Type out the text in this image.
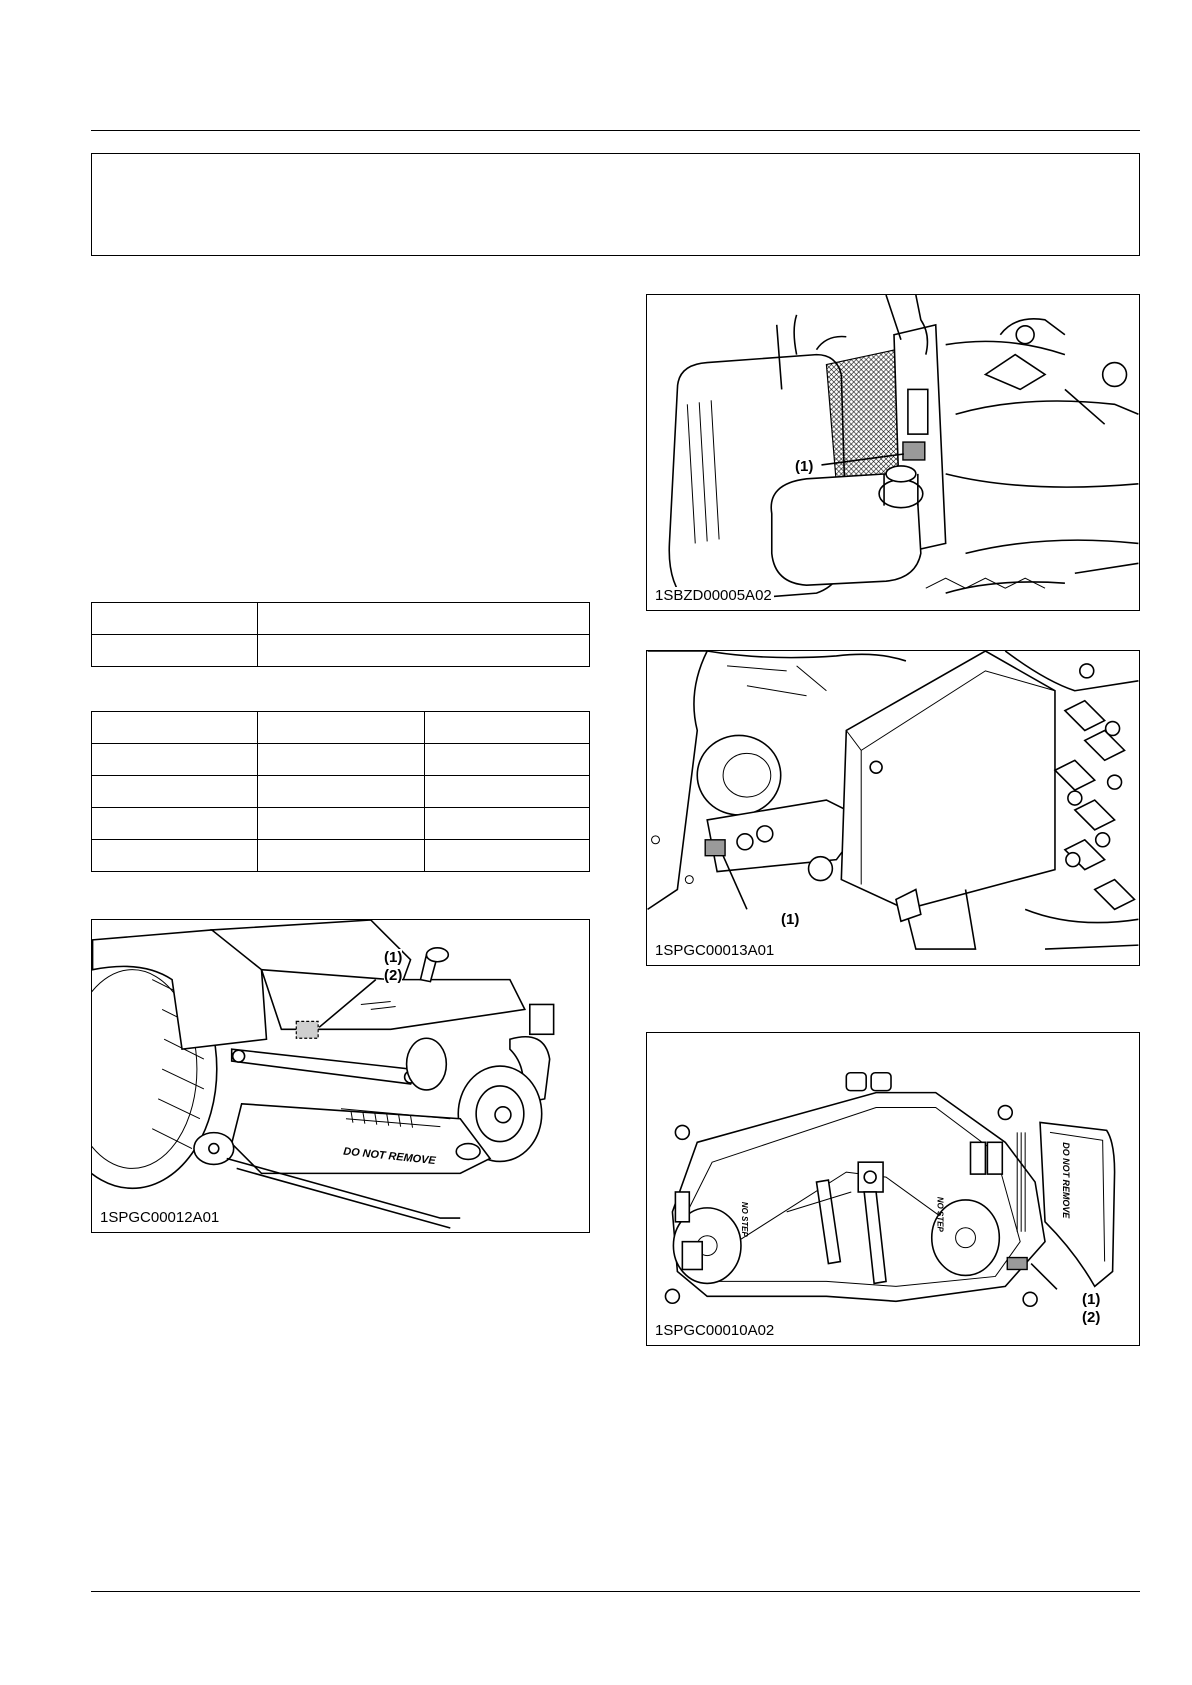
(1)
1SBZD00005A02
(1)
1SPGC00013A01
DO NOT REMOVE
(1)
(2)
1SPGC00012A01	DO NOT REMOVE
NO STEP	NO STEP
(1)
(2)
1SPGC00010A02
